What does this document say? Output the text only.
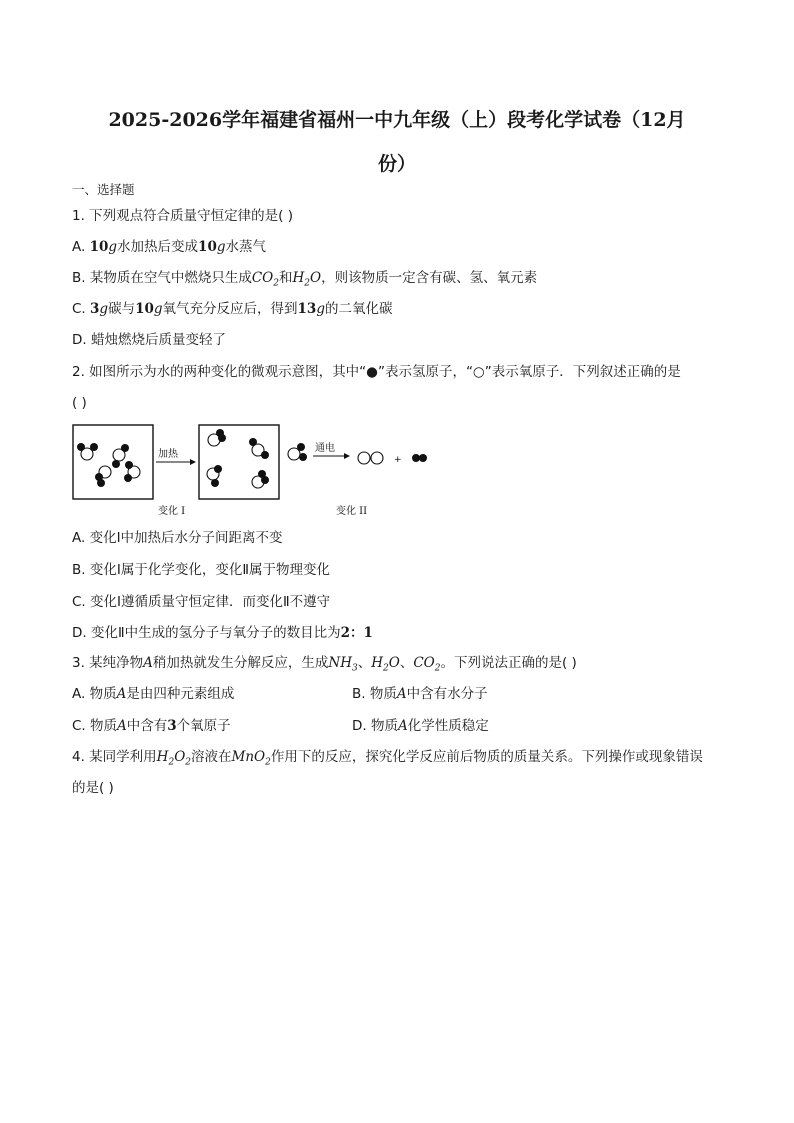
2025-2026学年福建省福州一中九年级（上）段考化学试卷（12月
份）
一、选择题
1. 下列观点符合质量守恒定律的是( )
A. 10g水加热后变成10g水蒸气
B. 某物质在空气中燃烧只生成$CO_2$和$H_2O$，则该物质一定含有碳、氢、氧元素
C. 3g碳与10g氧气充分反应后，得到13g的二氧化碳
D. 蜡烛燃烧后质量变轻了
2. 如图所示为水的两种变化的微观示意图，其中“●”表示氢原子，“○”表示氧原子．下列叙述正确的是
( )
加热
通电
+
变化 I	变化 II
A. 变化Ⅰ中加热后水分子间距离不变
B. 变化Ⅰ属于化学变化，变化Ⅱ属于物理变化
C. 变化Ⅰ遵循质量守恒定律．而变化Ⅱ不遵守
D. 变化Ⅱ中生成的氢分子与氧分子的数目比为2：1
3. 某纯净物A稍加热就发生分解反应，生成$NH_3$、$H_2O$、$CO_2$。下列说法正确的是( )
A. 物质A是由四种元素组成	B. 物质A中含有水分子
C. 物质A中含有3个氧原子	D. 物质A化学性质稳定
4. 某同学利用$H_2O_2$溶液在MnO$_2$作用下的反应，探究化学反应前后物质的质量关系。下列操作或现象错误
的是( )
